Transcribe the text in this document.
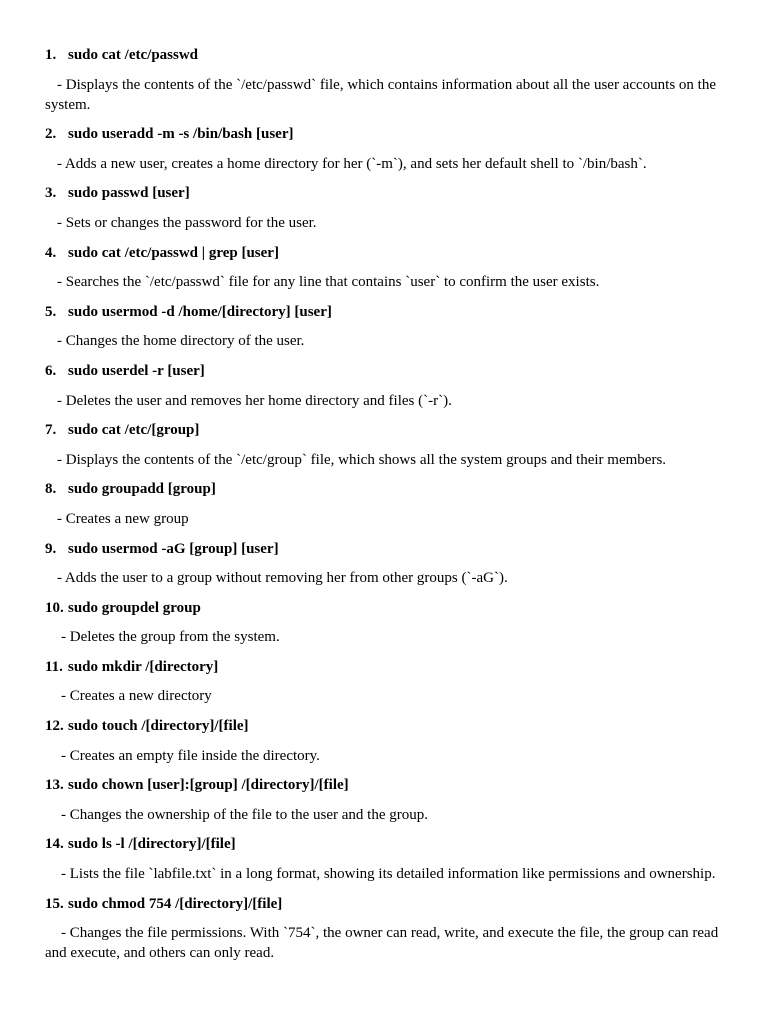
1. sudo cat /etc/passwd

- Displays the contents of the `/etc/passwd` file, which contains information about all the user accounts on the system.

2. sudo useradd -m -s /bin/bash [user]

- Adds a new user, creates a home directory for her (`-m`), and sets her default shell to `/bin/bash`.

3. sudo passwd [user]

- Sets or changes the password for the user.

4. sudo cat /etc/passwd | grep [user]

- Searches the `/etc/passwd` file for any line that contains `user` to confirm the user exists.

5. sudo usermod -d /home/[directory] [user]

- Changes the home directory of the user.

6. sudo userdel -r [user]

- Deletes the user and removes her home directory and files (`-r`).

7. sudo cat /etc/[group]

- Displays the contents of the `/etc/group` file, which shows all the system groups and their members.

8. sudo groupadd [group]

- Creates a new group

9. sudo usermod -aG [group] [user]

- Adds the user to a group without removing her from other groups (`-aG`).

10. sudo groupdel group

- Deletes the group from the system.

11. sudo mkdir /[directory]

- Creates a new directory

12. sudo touch /[directory]/[file]

- Creates an empty file inside the directory.

13. sudo chown [user]:[group] /[directory]/[file]

- Changes the ownership of the file to the user and the group.

14. sudo ls -l /[directory]/[file]

- Lists the file `labfile.txt` in a long format, showing its detailed information like permissions and ownership.

15. sudo chmod 754 /[directory]/[file]

- Changes the file permissions. With `754`, the owner can read, write, and execute the file, the group can read and execute, and others can only read.
